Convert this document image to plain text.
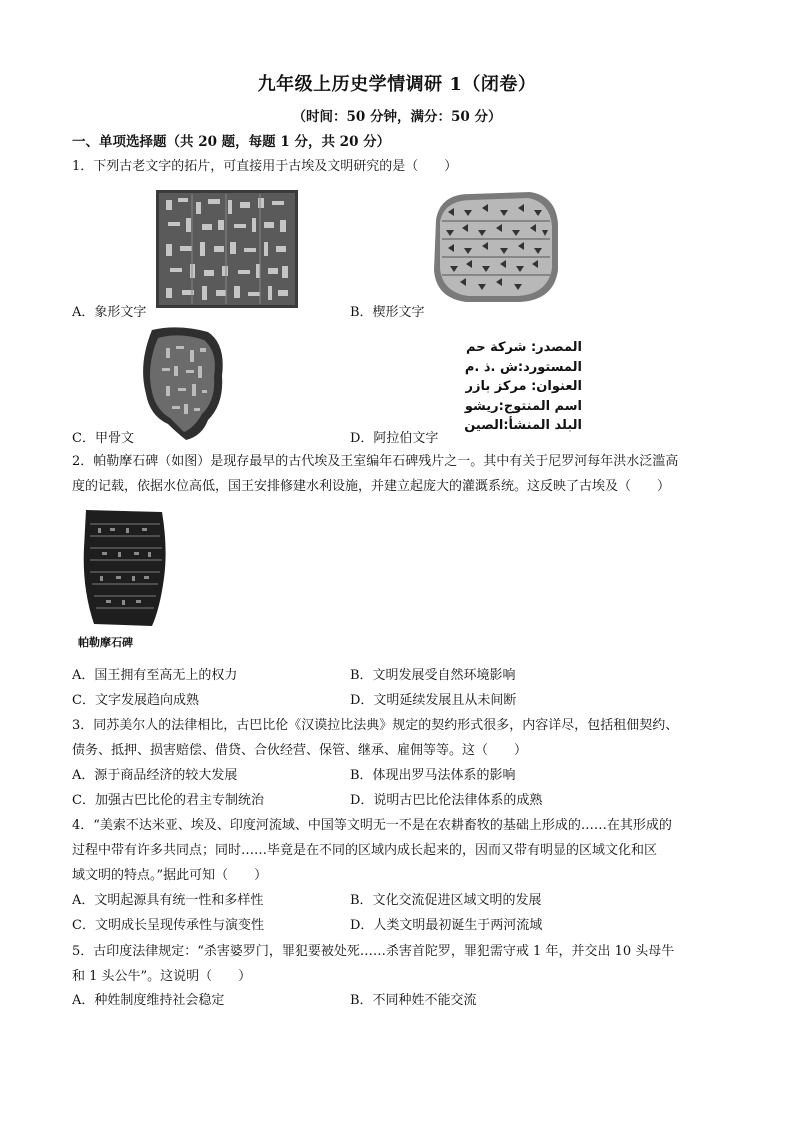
九年级上历史学情调研 1（闭卷）
（时间：50 分钟，满分：50 分）
一、单项选择题（共 20 题，每题 1 分，共 20 分）
1．下列古老文字的拓片，可直接用于古埃及文明研究的是（　　）
A．象形文字	B．楔形文字
المصدر: شركة حم
المستورد:ش .ذ .م
العنوان: مركز بازر
اسم المنتوج:ريشو
البلد المنشأ:الصين
C．甲骨文	D．阿拉伯文字
2．帕勒摩石碑（如图）是现存最早的古代埃及王室编年石碑残片之一。其中有关于尼罗河每年洪水泛滥高
度的记载，依据水位高低，国王安排修建水利设施，并建立起庞大的灌溉系统。这反映了古埃及（　　）
帕勒摩石碑
A．国王拥有至高无上的权力	B．文明发展受自然环境影响
C．文字发展趋向成熟	D．文明延续发展且从未间断
3．同苏美尔人的法律相比，古巴比伦《汉谟拉比法典》规定的契约形式很多，内容详尽，包括租佃契约、
债务、抵押、损害赔偿、借贷、合伙经营、保管、继承、雇佣等等。这（　　）
A．源于商品经济的较大发展	B．体现出罗马法体系的影响
C．加强古巴比伦的君主专制统治	D．说明古巴比伦法律体系的成熟
4．“美索不达米亚、埃及、印度河流域、中国等文明无一不是在农耕畜牧的基础上形成的……在其形成的
过程中带有许多共同点；同时……毕竟是在不同的区域内成长起来的，因而又带有明显的区域文化和区
域文明的特点。”据此可知（　　）
A．文明起源具有统一性和多样性	B．文化交流促进区域文明的发展
C．文明成长呈现传承性与演变性	D．人类文明最初诞生于两河流域
5．古印度法律规定：“杀害婆罗门，罪犯要被处死……杀害首陀罗，罪犯需守戒 1 年，并交出 10 头母牛
和 1 头公牛”。这说明（　　）
A．种姓制度维持社会稳定	B．不同种姓不能交流
